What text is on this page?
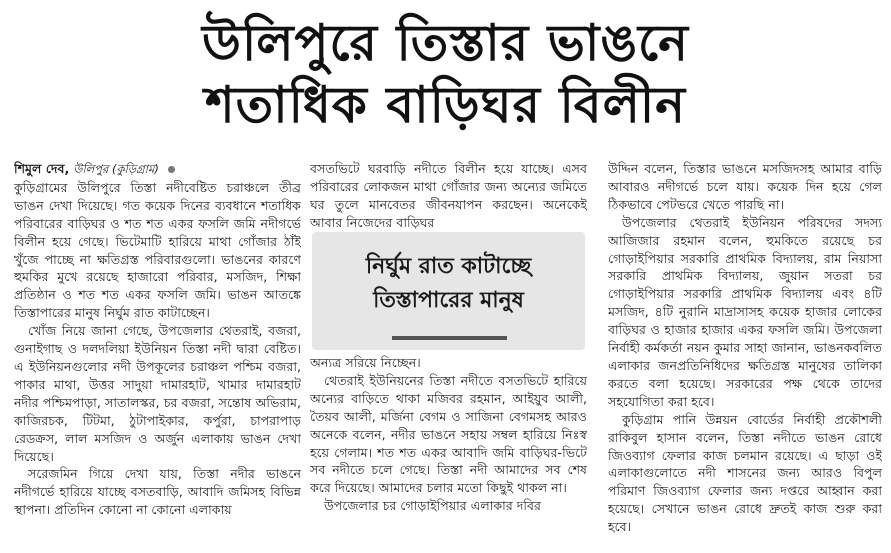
উলিপুরে তিস্তার ভাঙনে
শতাধিক বাড়িঘর বিলীন

শিমুল দেব, উলিপুর (কুড়িগ্রাম)

কুড়িগ্রামের উলিপুরে তিস্তা নদীবেষ্টিত চরাঞ্চলে তীব্র ভাঙন দেখা দিয়েছে। গত কয়েক দিনের ব্যবধানে শতাধিক পরিবারের বাড়িঘর ও শত শত একর ফসলি জমি নদীগর্ভে বিলীন হয়ে গেছে। ভিটেমাটি হারিয়ে মাথা গোঁজার ঠাঁই খুঁজে পাচ্ছে না ক্ষতিগ্রস্ত পরিবারগুলো। ভাঙনের কারণে হুমকির মুখে রয়েছে হাজারো পরিবার, মসজিদ, শিক্ষা প্রতিষ্ঠান ও শত শত একর ফসলি জমি। ভাঙন আতঙ্কে তিস্তাপারের মানুষ নির্ঘুম রাত কাটাচ্ছেন।

খোঁজ নিয়ে জানা গেছে, উপজেলার থেতরাই, বজরা, গুনাইগাছ ও দলদলিয়া ইউনিয়ন তিস্তা নদী দ্বারা বেষ্টিত। এ ইউনিয়নগুলোর নদী উপকূলের চরাঞ্চল পশ্চিম বজরা, পাকার মাথা, উত্তর সাদুয়া দামারহাট, খামার দামারহাট নদীর পশ্চিমপাড়া, সাতালস্কর, চর বজরা, সন্তোষ অভিরাম, কাজিরচক, টিটমা, ঠুটাপাইকার, কর্পুরা, চাপরাপাড় রেডক্রস, লাল মসজিদ ও অর্জুন এলাকায় ভাঙন দেখা দিয়েছে।

সরেজমিন গিয়ে দেখা যায়, তিস্তা নদীর ভাঙনে নদীগর্ভে হারিয়ে যাচ্ছে বসতবাড়ি, আবাদি জমিসহ বিভিন্ন স্থাপনা। প্রতিদিন কোনো না কোনো এলাকায়

বসতভিটে ঘরবাড়ি নদীতে বিলীন হয়ে যাচ্ছে। এসব পরিবারের লোকজন মাথা গোঁজার জন্য অন্যের জমিতে ঘর তুলে মানবেতর জীবনযাপন করছেন। অনেকেই আবার নিজেদের বাড়িঘর

নির্ঘুম রাত কাটাচ্ছে
তিস্তাপারের মানুষ

অন্যত্র সরিয়ে নিচ্ছেন।

থেতরাই ইউনিয়নের তিস্তা নদীতে বসতভিটে হারিয়ে অন্যের বাড়িতে থাকা মজিবর রহমান, আইয়ুব আলী, তৈয়ব আলী, মর্জিনা বেগম ও সাজিনা বেগমসহ আরও অনেকে বলেন, নদীর ভাঙনে সহায় সম্বল হারিয়ে নিঃস্ব হয়ে গেলাম। শত শত একর আবাদি জমি বাড়িঘর-ভিটে সব নদীতে চলে গেছে। তিস্তা নদী আমাদের সব শেষ করে দিয়েছে। আমাদের চলার মতো কিছুই থাকল না।

উপজেলার চর গোড়াইপিয়ার এলাকার দবির

উদ্দিন বলেন, তিস্তার ভাঙনে মসজিদসহ আমার বাড়ি আবারও নদীগর্ভে চলে যায়। কয়েক দিন হয়ে গেল ঠিকভাবে পেটভরে খেতে পারছি না।

উপজেলার থেতরাই ইউনিয়ন পরিষদের সদস্য আজিজার রহমান বলেন, হুমকিতে রয়েছে চর গোড়াইপিয়ার সরকারি প্রাথমিক বিদ্যালয়, রাম নিয়াসা সরকারি প্রাথমিক বিদ্যালয়, জুয়ান সতরা চর গোড়াইপিয়ার সরকারি প্রাথমিক বিদ্যালয় এবং ৪টি মসজিদ, ৪টি নুরানি মাদ্রাসাসহ কয়েক হাজার লোকের বাড়িঘর ও হাজার হাজার একর ফসলি জমি। উপজেলা নির্বাহী কর্মকর্তা নয়ন কুমার সাহা জানান, ভাঙনকবলিত এলাকার জনপ্রতিনিধিদের ক্ষতিগ্রস্ত মানুষের তালিকা করতে বলা হয়েছে। সরকারের পক্ষ থেকে তাদের সহযোগিতা করা হবে।

কুড়িগ্রাম পানি উন্নয়ন বোর্ডের নির্বাহী প্রকৌশলী রাকিবুল হাসান বলেন, তিস্তা নদীতে ভাঙন রোধে জিওব্যাগ ফেলার কাজ চলমান রয়েছে। এ ছাড়া ওই এলাকাগুলোতে নদী শাসনের জন্য আরও বিপুল পরিমাণ জিওব্যাগ ফেলার জন্য দপ্তরে আহ্বান করা হয়েছে। সেখানে ভাঙন রোধে দ্রুতই কাজ শুরু করা হবে।
